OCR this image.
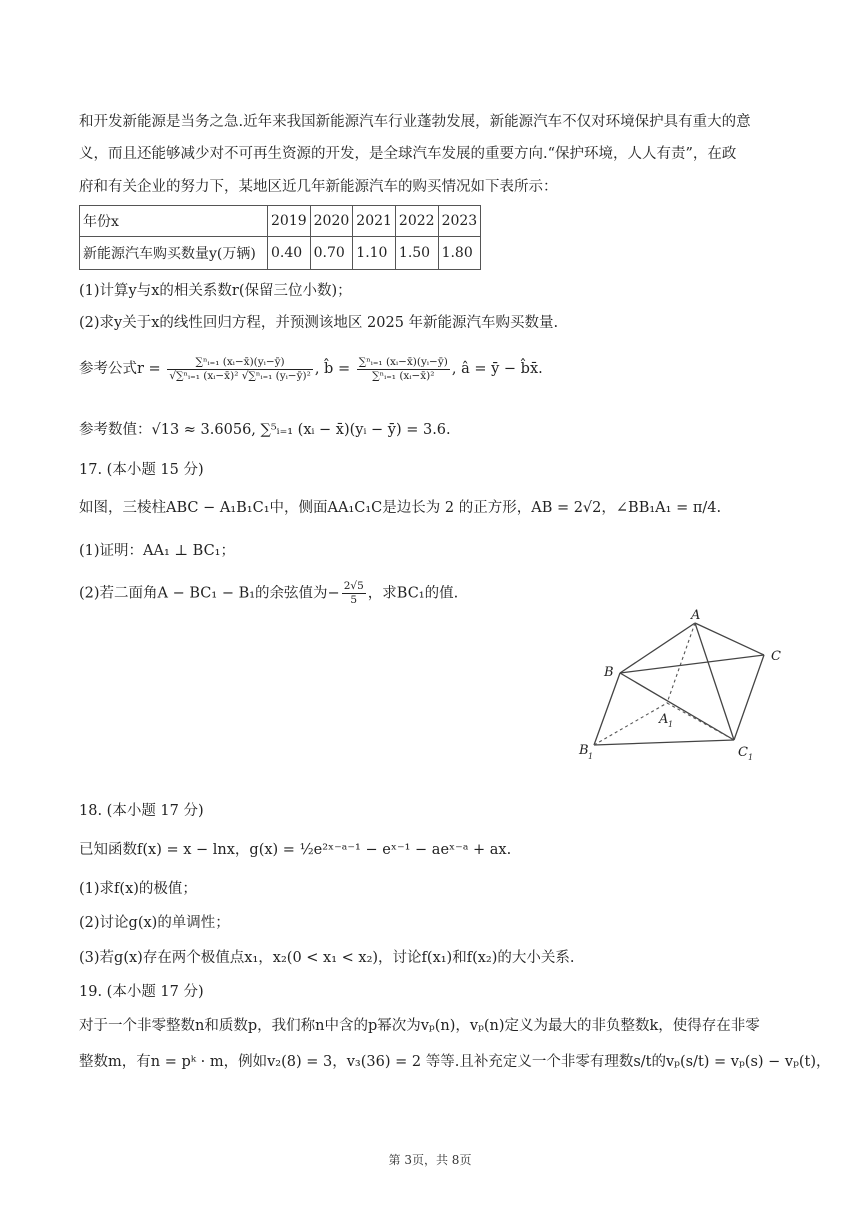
和开发新能源是当务之急.近年来我国新能源汽车行业蓬勃发展，新能源汽车不仅对环境保护具有重大的意
义，而且还能够减少对不可再生资源的开发，是全球汽车发展的重要方向.“保护环境，人人有责”，在政
府和有关企业的努力下，某地区近几年新能源汽车的购买情况如下表所示：
年份x	2019	2020	2021	2022	2023
新能源汽车购买数量y(万辆)	0.40	0.70	1.10	1.50	1.80
(1)计算y与x的相关系数r(保留三位小数)；
(2)求y关于x的线性回归方程，并预测该地区 2025 年新能源汽车购买数量.
参考公式$r = \frac{\text{∑ⁿᵢ₌₁ (xᵢ−x̄)(yᵢ−ȳ)}}{\text{√∑ⁿᵢ₌₁ (xᵢ−x̄)² √∑ⁿᵢ₌₁ (yᵢ−ȳ)²}}$ , b̂ = $\frac{\text{∑ⁿᵢ₌₁ (xᵢ−x̄)(yᵢ−ȳ)}}{\text{∑ⁿᵢ₌₁ (xᵢ−x̄)²}}$ , â = ȳ − b̂x̄.
参考数值：√13 ≈ 3.6056, ∑⁵ᵢ₌₁ (xᵢ − x̄)(yᵢ − ȳ) = 3.6.
17. (本小题 15 分)
如图，三棱柱ABC − A₁B₁C₁中，侧面AA₁C₁C是边长为 2 的正方形，AB = 2√2，∠BB₁A₁ = π/4.
(1)证明：AA₁ ⊥ BC₁；
(2)若二面角A − BC₁ − B₁的余弦值为− $\frac{2√5}{5}$ ，求BC₁的值.
A
B
C
B 1
A 1
C 1
18. (本小题 17 分)
已知函数f(x) = x − lnx，g(x) = ½e²ˣ⁻ᵃ⁻¹ − eˣ⁻¹ − aeˣ⁻ᵃ + ax.
(1)求f(x)的极值；
(2)讨论g(x)的单调性；
(3)若g(x)存在两个极值点x₁，x₂(0 < x₁ < x₂)，讨论f(x₁)和f(x₂)的大小关系.
19. (本小题 17 分)
对于一个非零整数n和质数p，我们称n中含的p幂次为vₚ(n)，vₚ(n)定义为最大的非负整数k，使得存在非零
整数m，有n = pᵏ · m，例如v₂(8) = 3，v₃(36) = 2 等等.且补充定义一个非零有理数s/t的vₚ(s/t) = vₚ(s) − vₚ(t)，
第 3页，共 8页
